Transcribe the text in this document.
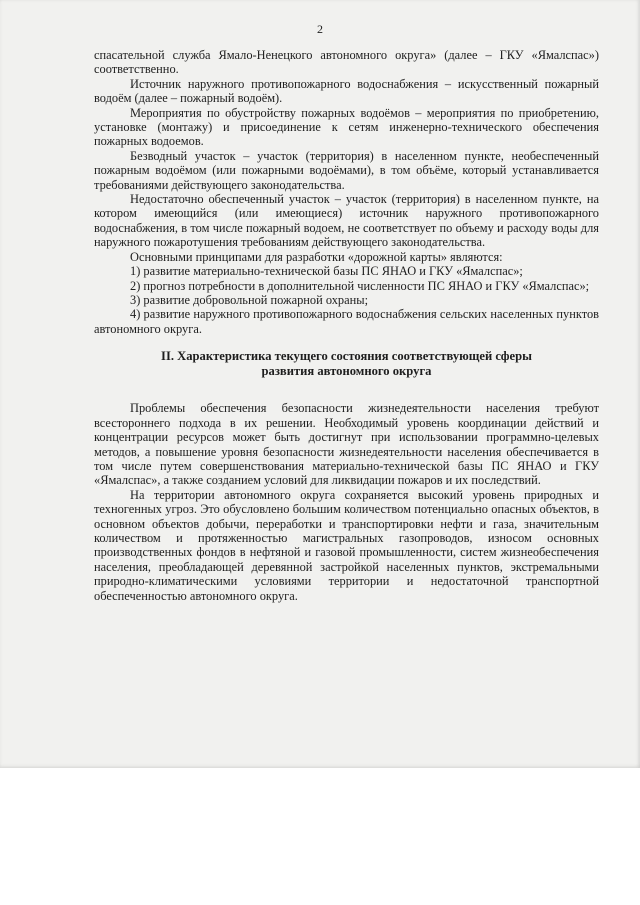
2

спасательной служба Ямало-Ненецкого автономного округа» (далее – ГКУ «Ямалспас») соответственно.

Источник наружного противопожарного водоснабжения – искусственный пожарный водоём (далее – пожарный водоём).

Мероприятия по обустройству пожарных водоёмов – мероприятия по приобретению, установке (монтажу) и присоединение к сетям инженерно-технического обеспечения пожарных водоемов.

Безводный участок – участок (территория) в населенном пункте, необеспеченный пожарным водоёмом (или пожарными водоёмами), в том объёме, который устанавливается требованиями действующего законодательства.

Недостаточно обеспеченный участок – участок (территория) в населенном пункте, на котором имеющийся (или имеющиеся) источник наружного противопожарного водоснабжения, в том числе пожарный водоем, не соответствует по объему и расходу воды для наружного пожаротушения требованиям действующего законодательства.

Основными принципами для разработки «дорожной карты» являются:

1) развитие материально-технической базы ПС ЯНАО и ГКУ «Ямалспас»;

2) прогноз потребности в дополнительной численности ПС ЯНАО и ГКУ «Ямалспас»;

3) развитие добровольной пожарной охраны;

4) развитие наружного противопожарного водоснабжения сельских населенных пунктов автономного округа.

II. Характеристика текущего состояния соответствующей сферы
развития автономного округа

Проблемы обеспечения безопасности жизнедеятельности населения требуют всестороннего подхода в их решении. Необходимый уровень координации действий и концентрации ресурсов может быть достигнут при использовании программно-целевых методов, а повышение уровня безопасности жизнедеятельности населения обеспечивается в том числе путем совершенствования материально-технической базы ПС ЯНАО и ГКУ «Ямалспас», а также созданием условий для ликвидации пожаров и их последствий.

На территории автономного округа сохраняется высокий уровень природных и техногенных угроз. Это обусловлено большим количеством потенциально опасных объектов, в основном объектов добычи, переработки и транспортировки нефти и газа, значительным количеством и протяженностью магистральных газопроводов, износом основных производственных фондов в нефтяной и газовой промышленности, систем жизнеобеспечения населения, преобладающей деревянной застройкой населенных пунктов, экстремальными природно-климатическими условиями территории и недостаточной транспортной обеспеченностью автономного округа.
